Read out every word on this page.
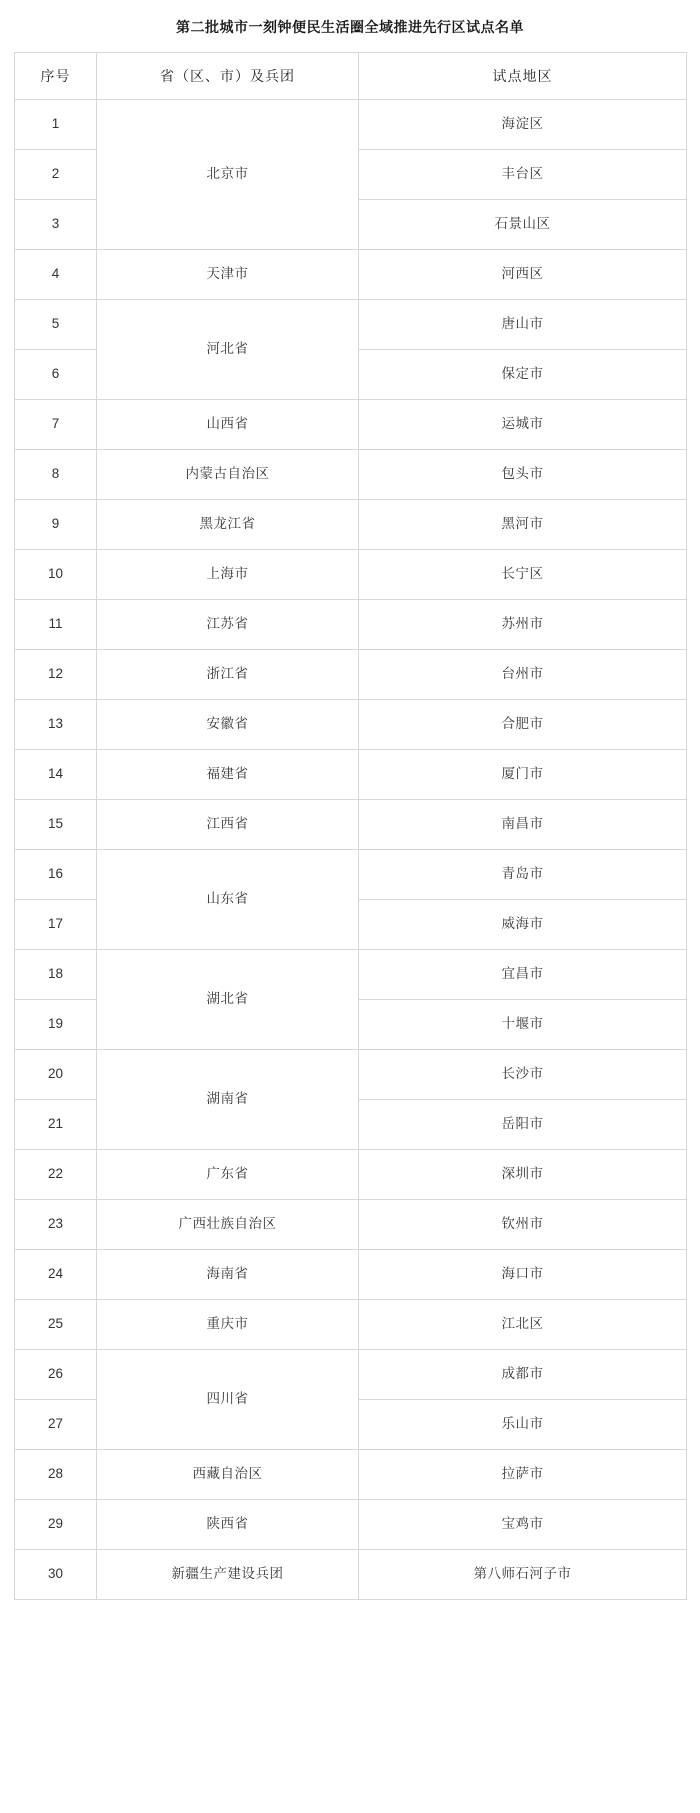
第二批城市一刻钟便民生活圈全域推进先行区试点名单
序号	省（区、市）及兵团	试点地区
1	北京市	海淀区
2		丰台区
3		石景山区
4	天津市	河西区
5	河北省	唐山市
6		保定市
7	山西省	运城市
8	内蒙古自治区	包头市
9	黑龙江省	黑河市
10	上海市	长宁区
11	江苏省	苏州市
12	浙江省	台州市
13	安徽省	合肥市
14	福建省	厦门市
15	江西省	南昌市
16	山东省	青岛市
17		威海市
18	湖北省	宜昌市
19		十堰市
20	湖南省	长沙市
21		岳阳市
22	广东省	深圳市
23	广西壮族自治区	钦州市
24	海南省	海口市
25	重庆市	江北区
26	四川省	成都市
27		乐山市
28	西藏自治区	拉萨市
29	陕西省	宝鸡市
30	新疆生产建设兵团	第八师石河子市
